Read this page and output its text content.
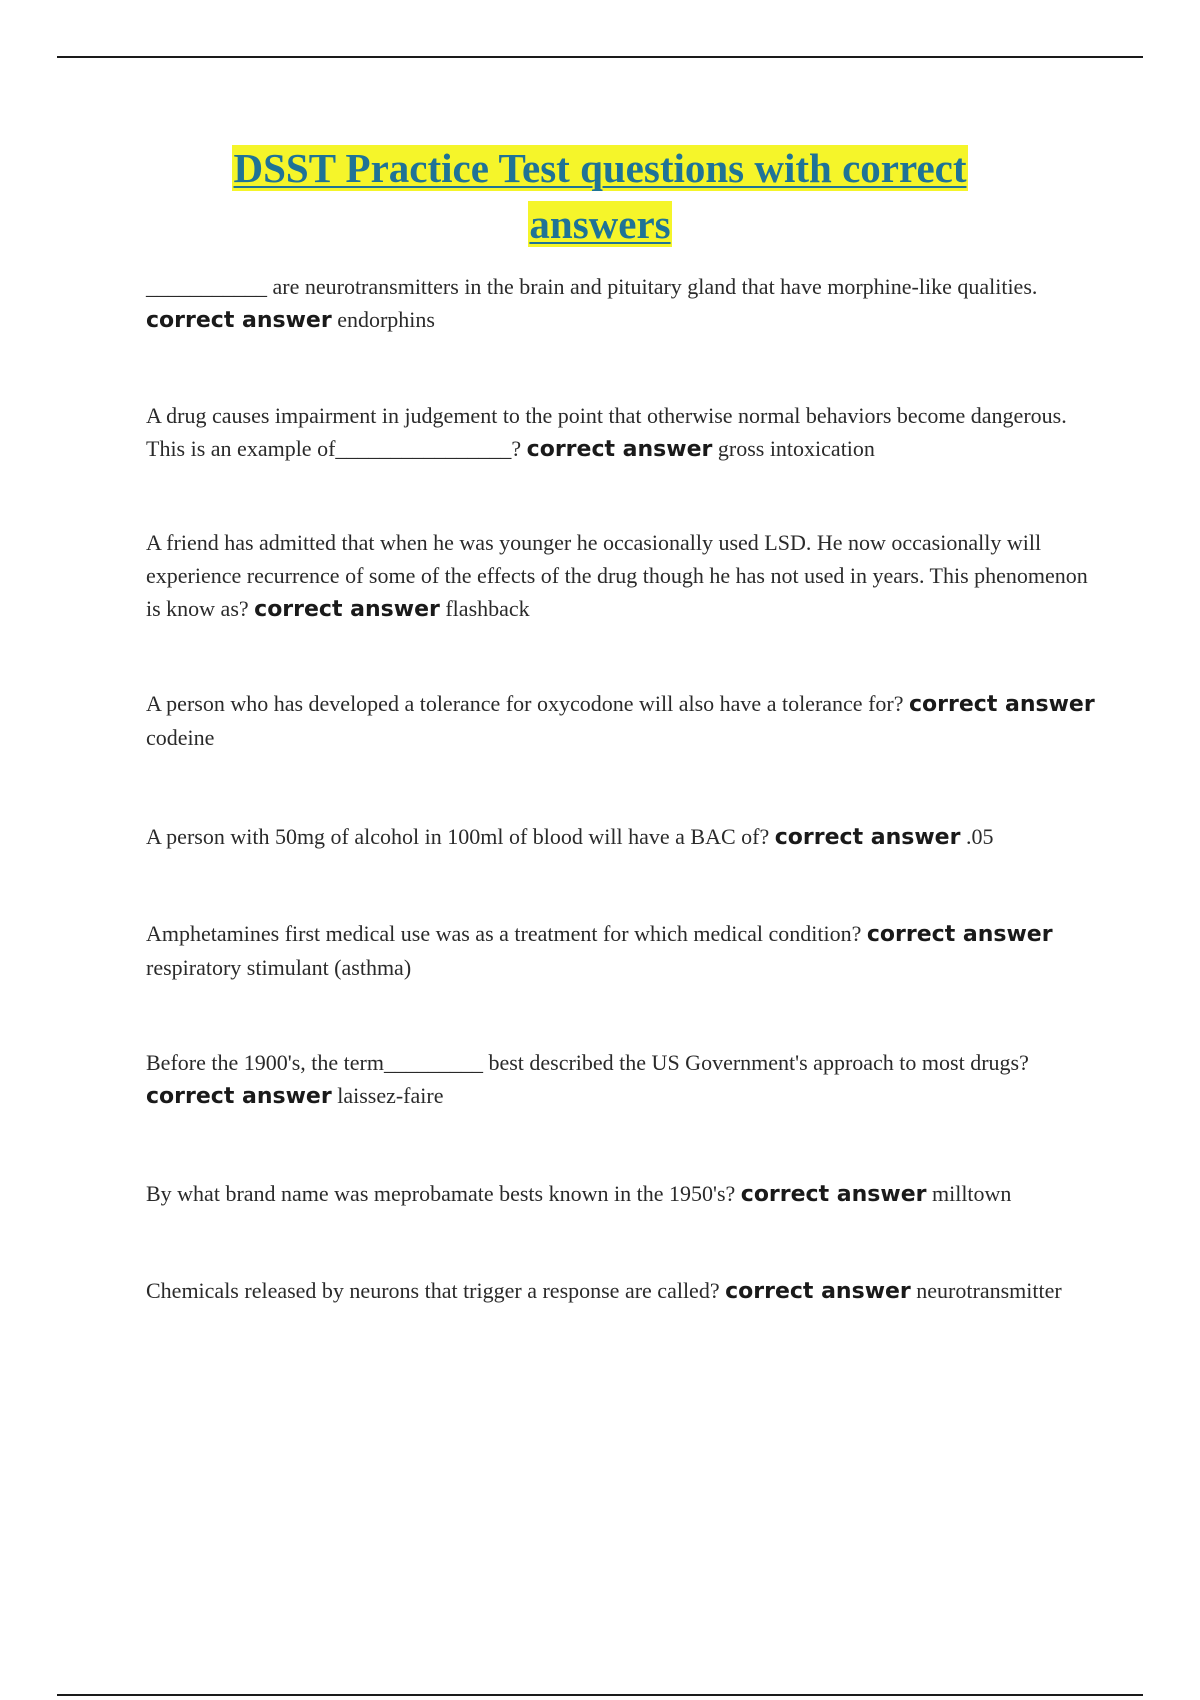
DSST Practice Test questions with correct
answers
___________ are neurotransmitters in the brain and pituitary gland that have morphine-like qualities. correct answer endorphins
A drug causes impairment in judgement to the point that otherwise normal behaviors become dangerous. This is an example of________________? correct answer gross intoxication
A friend has admitted that when he was younger he occasionally used LSD. He now occasionally will experience recurrence of some of the effects of the drug though he has not used in years. This phenomenon is know as? correct answer flashback
A person who has developed a tolerance for oxycodone will also have a tolerance for? correct answer codeine
A person with 50mg of alcohol in 100ml of blood will have a BAC of? correct answer .05
Amphetamines first medical use was as a treatment for which medical condition? correct answer respiratory stimulant (asthma)
Before the 1900's, the term_________ best described the US Government's approach to most drugs? correct answer laissez-faire
By what brand name was meprobamate bests known in the 1950's? correct answer milltown
Chemicals released by neurons that trigger a response are called? correct answer neurotransmitter
